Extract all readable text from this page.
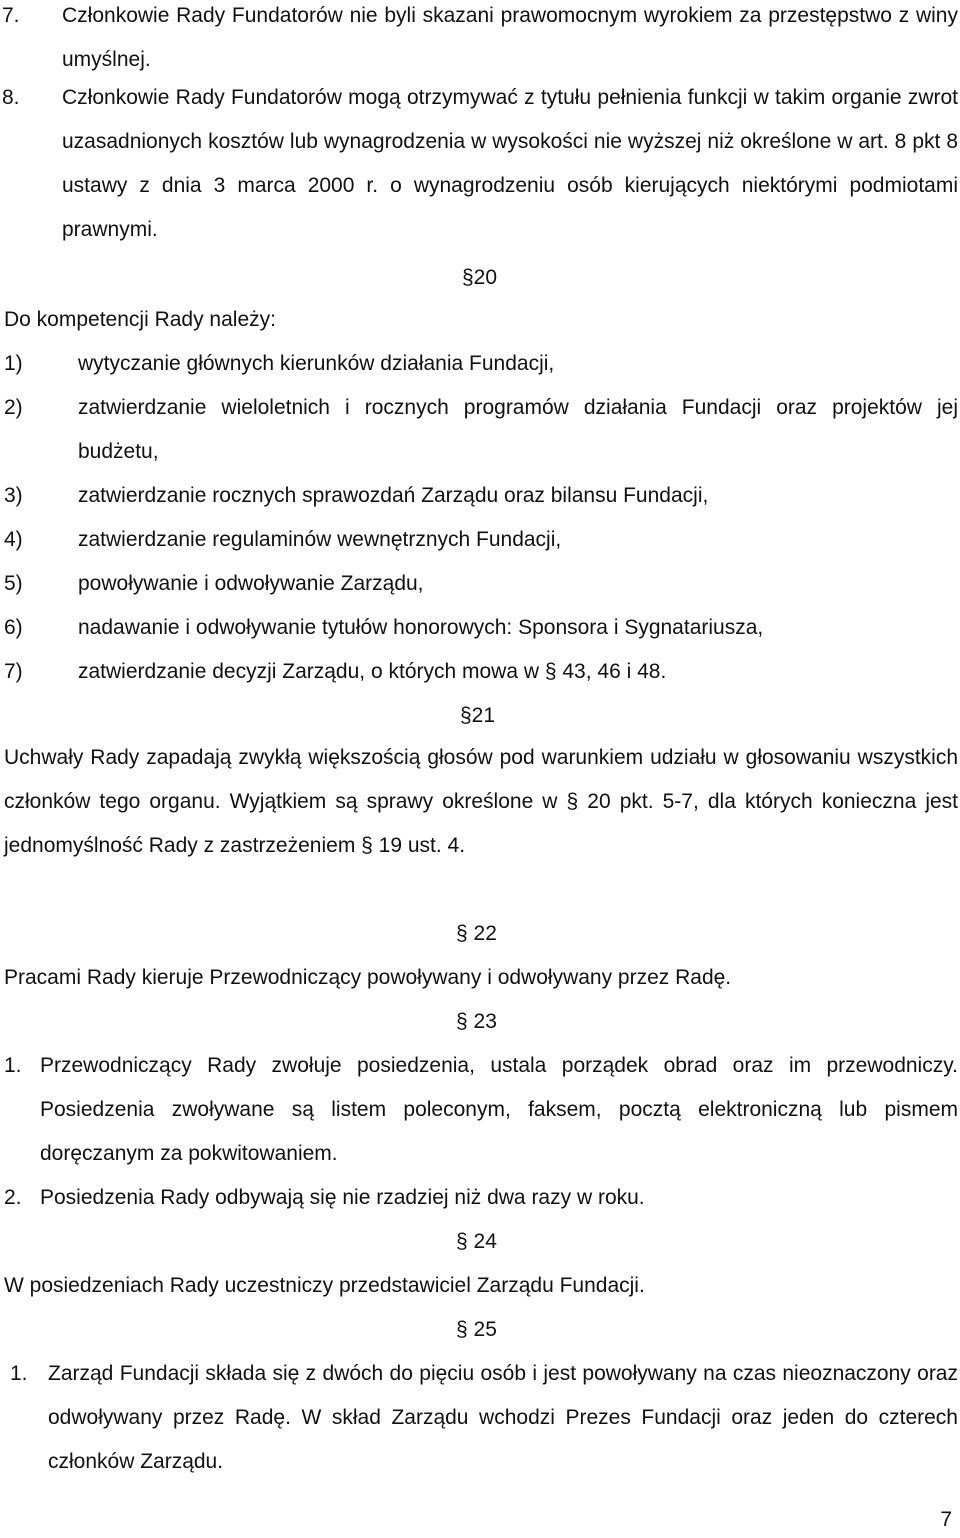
7. Członkowie Rady Fundatorów nie byli skazani prawomocnym wyrokiem za przestępstwo z winy umyślnej.
8. Członkowie Rady Fundatorów mogą otrzymywać z tytułu pełnienia funkcji w takim organie zwrot uzasadnionych kosztów lub wynagrodzenia w wysokości nie wyższej niż określone w art. 8 pkt 8 ustawy z dnia 3 marca 2000 r. o wynagrodzeniu osób kierujących niektórymi podmiotami prawnymi.
§20
Do kompetencji Rady należy:
1)	wytyczanie głównych kierunków działania Fundacji,
2)	zatwierdzanie wieloletnich i rocznych programów działania Fundacji oraz projektów jej budżetu,
3)	zatwierdzanie rocznych sprawozdań Zarządu oraz bilansu Fundacji,
4)	zatwierdzanie regulaminów wewnętrznych Fundacji,
5)	powoływanie i odwoływanie Zarządu,
6)	nadawanie i odwoływanie tytułów honorowych: Sponsora i Sygnatariusza,
7)	zatwierdzanie decyzji Zarządu, o których mowa w § 43, 46 i 48.
§21
Uchwały Rady zapadają zwykłą większością głosów pod warunkiem udziału w głosowaniu wszystkich członków tego organu. Wyjątkiem są sprawy określone w § 20 pkt. 5-7, dla których konieczna jest jednomyślność Rady z zastrzeżeniem § 19 ust. 4.
§ 22
Pracami Rady kieruje Przewodniczący powoływany i odwoływany przez Radę.
§ 23
1. Przewodniczący Rady zwołuje posiedzenia, ustala porządek obrad oraz im przewodniczy. Posiedzenia zwoływane są listem poleconym, faksem, pocztą elektroniczną lub pismem doręczanym za pokwitowaniem.
2. Posiedzenia Rady odbywają się nie rzadziej niż dwa razy w roku.
§ 24
W posiedzeniach Rady uczestniczy przedstawiciel Zarządu Fundacji.
§ 25
1. Zarząd Fundacji składa się z dwóch do pięciu osób i jest powoływany na czas nieoznaczony oraz odwoływany przez Radę. W skład Zarządu wchodzi Prezes Fundacji oraz jeden do czterech członków Zarządu.
7
